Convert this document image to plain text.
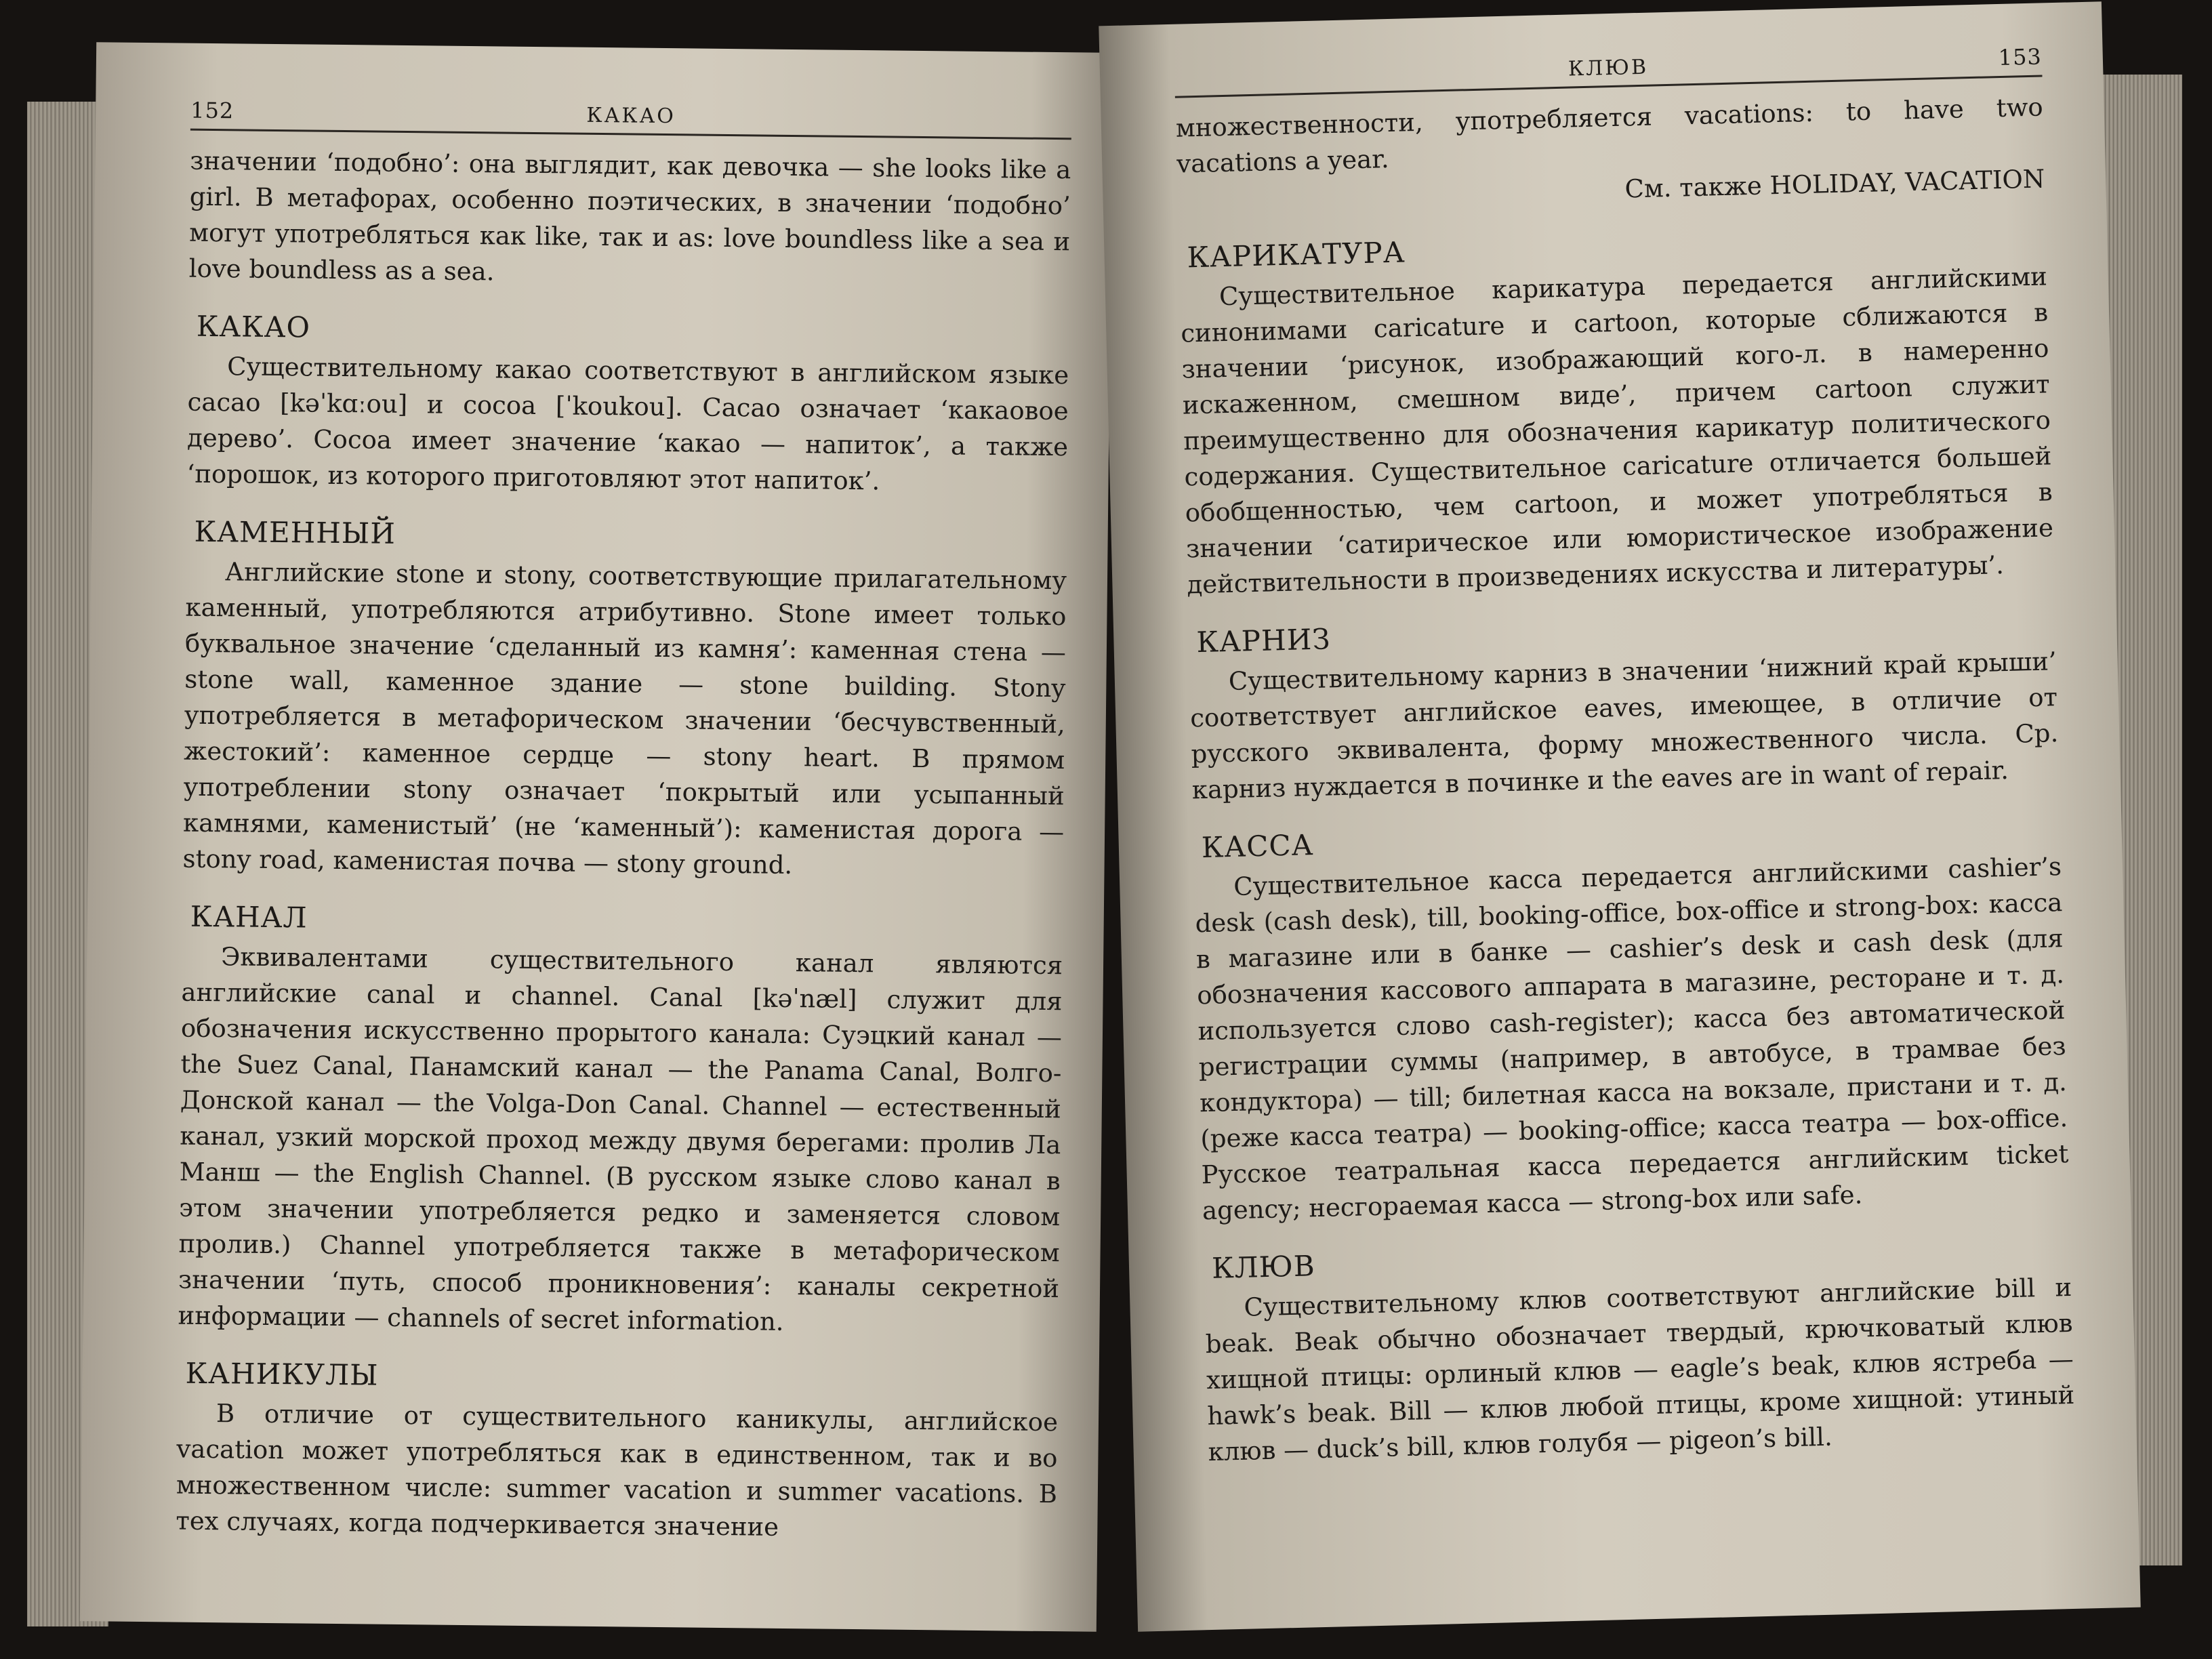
152	КАКАО

значении ‘подобно’: она выглядит, как девочка — she looks like a girl. В метафорах, особенно поэтических, в значении ‘подобно’ могут употребляться как like, так и as: love boundless like a sea и love boundless as a sea.

КАКАО

Существительному какао соответствуют в английском языке cacao [kəˈkɑːou] и cocoa [ˈkoukou]. Cacao означает ‘какаовое дерево’. Cocoa имеет значение ‘какао — напиток’, а также ‘порошок, из которого приготовляют этот напиток’.

КАМЕННЫЙ

Английские stone и stony, соответствующие прилагательному каменный, употребляются атрибутивно. Stone имеет только буквальное значение ‘сделанный из камня’: каменная стена — stone wall, каменное здание — stone building. Stony употребляется в метафорическом значении ‘бесчувственный, жестокий’: каменное сердце — stony heart. В прямом употреблении stony означает ‘покрытый или усыпанный камнями, каменистый’ (не ‘каменный’): каменистая дорога — stony road, каменистая почва — stony ground.

КАНАЛ

Эквивалентами существительного канал являются английские canal и channel. Canal [kəˈnæl] служит для обозначения искусственно прорытого канала: Суэцкий канал — the Suez Canal, Панамский канал — the Panama Canal, Волго-Донской канал — the Volga-Don Canal. Channel — естественный канал, узкий морской проход между двумя берегами: пролив Ла Манш — the English Channel. (В русском языке слово канал в этом значении употребляется редко и заменяется словом пролив.) Channel употребляется также в метафорическом значении ‘путь, способ проникновения’: каналы секретной информации — channels of secret information.

КАНИКУЛЫ

В отличие от существительного каникулы, английское vacation может употребляться как в единственном, так и во множественном числе: summer vacation и summer vacations. В тех случаях, когда подчеркивается значение

КЛЮВ	153

множественности, употребляется vacations: to have two vacations a year.

См. также HOLIDAY, VACATION

КАРИКАТУРА

Существительное карикатура передается английскими синонимами caricature и cartoon, которые сближаются в значении ‘рисунок, изображающий кого-л. в намеренно искаженном, смешном виде’, причем cartoon служит преимущественно для обозначения карикатур политического содержания. Существительное caricature отличается большей обобщенностью, чем cartoon, и может употребляться в значении ‘сатирическое или юмористическое изображение действительности в произведениях искусства и литературы’.

КАРНИЗ

Существительному карниз в значении ‘нижний край крыши’ соответствует английское eaves, имеющее, в отличие от русского эквивалента, форму множественного числа. Ср. карниз нуждается в починке и the eaves are in want of repair.

КАССА

Существительное касса передается английскими cashier’s desk (cash desk), till, booking-office, box-office и strong-box: касса в магазине или в банке — cashier’s desk и cash desk (для обозначения кассового аппарата в магазине, ресторане и т. д. используется слово cash-register); касса без автоматической регистрации суммы (например, в автобусе, в трамвае без кондуктора) — till; билетная касса на вокзале, пристани и т. д. (реже касса театра) — booking-office; касса театра — box-office. Русское театральная касса передается английским ticket agency; несгораемая касса — strong-box или safe.

КЛЮВ

Существительному клюв соответствуют английские bill и beak. Beak обычно обозначает твердый, крючковатый клюв хищной птицы: орлиный клюв — eagle’s beak, клюв ястреба — hawk’s beak. Bill — клюв любой птицы, кроме хищной: утиный клюв — duck’s bill, клюв голубя — pigeon’s bill.
